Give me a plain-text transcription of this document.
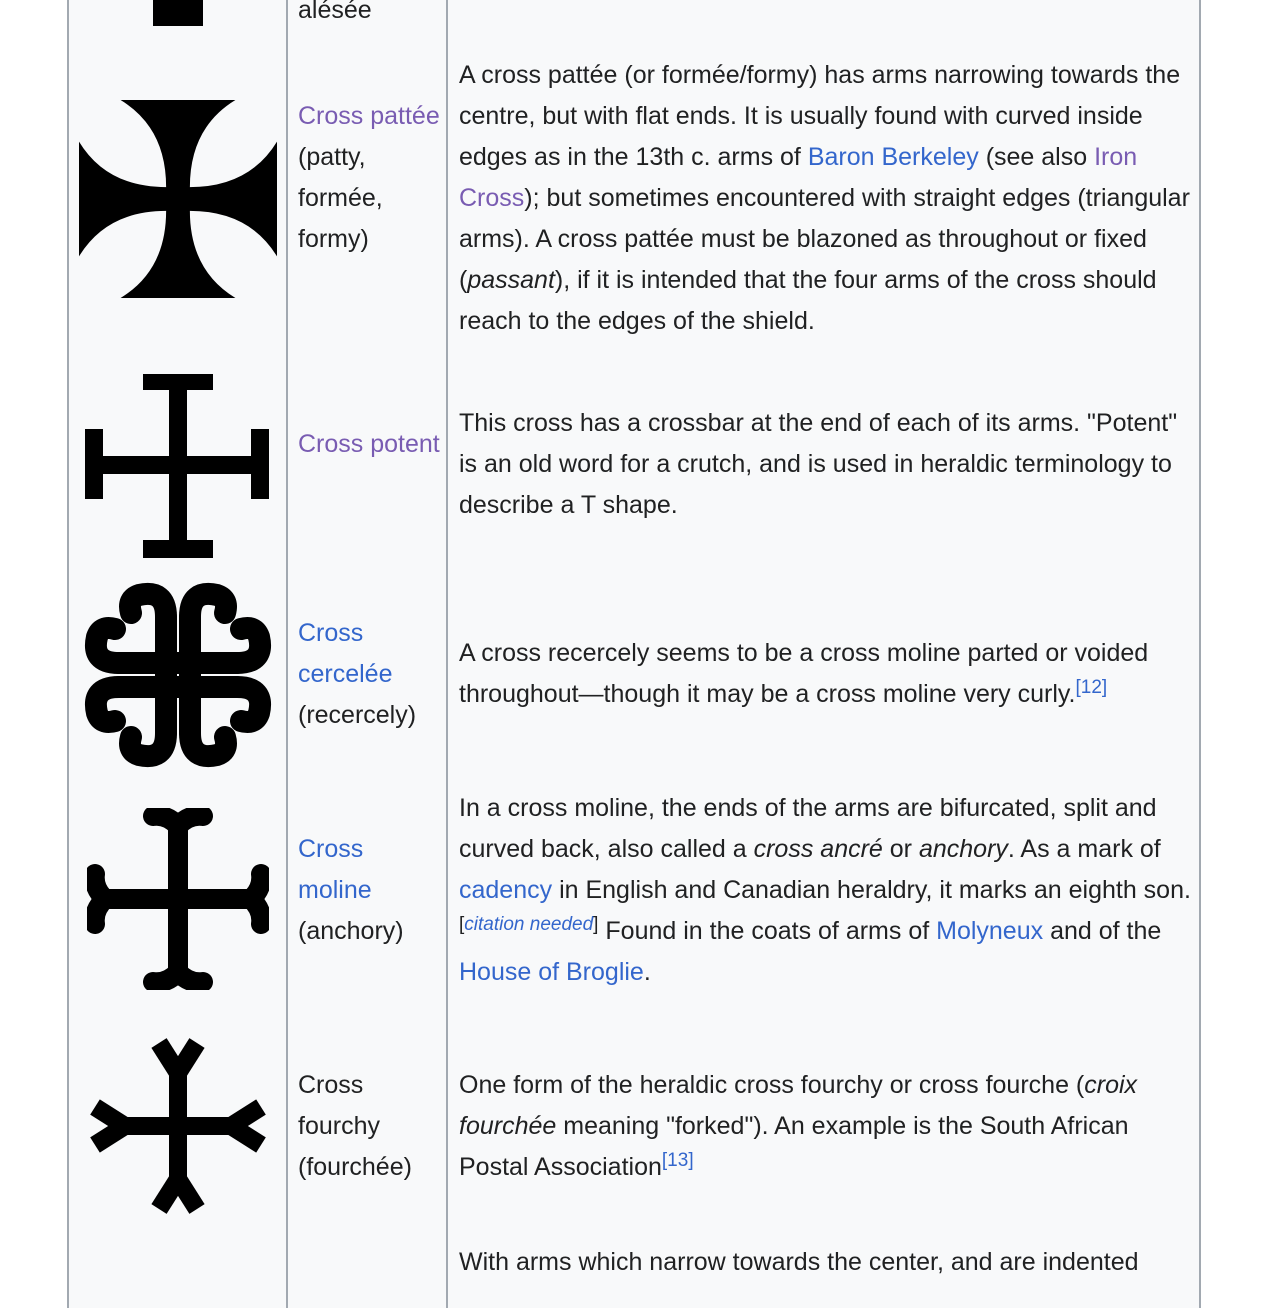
alésée
Cross pattée
(patty, formée, formy)
A cross pattée (or formée/formy) has arms narrowing towards the centre, but with flat ends. It is usually found with curved inside edges as in the 13th c. arms of Baron Berkeley (see also Iron Cross); but sometimes encountered with straight edges (triangular arms). A cross pattée must be blazoned as throughout or fixed (passant), if it is intended that the four arms of the cross should reach to the edges of the shield.
Cross potent
This cross has a crossbar at the end of each of its arms. "Potent" is an old word for a crutch, and is used in heraldic terminology to describe a T shape.
Cross cercelée
(recercely)
A cross recercely seems to be a cross moline parted or voided throughout—though it may be a cross moline very curly.[12]
Cross moline
(anchory)
In a cross moline, the ends of the arms are bifurcated, split and curved back, also called a cross ancré or anchory. As a mark of cadency in English and Canadian heraldry, it marks an eighth son.[citation needed] Found in the coats of arms of Molyneux and of the House of Broglie.
Cross fourchy (fourchée)
One form of the heraldic cross fourchy or cross fourche (croix fourchée meaning "forked"). An example is the South African Postal Association[13]
With arms which narrow towards the center, and are indented
